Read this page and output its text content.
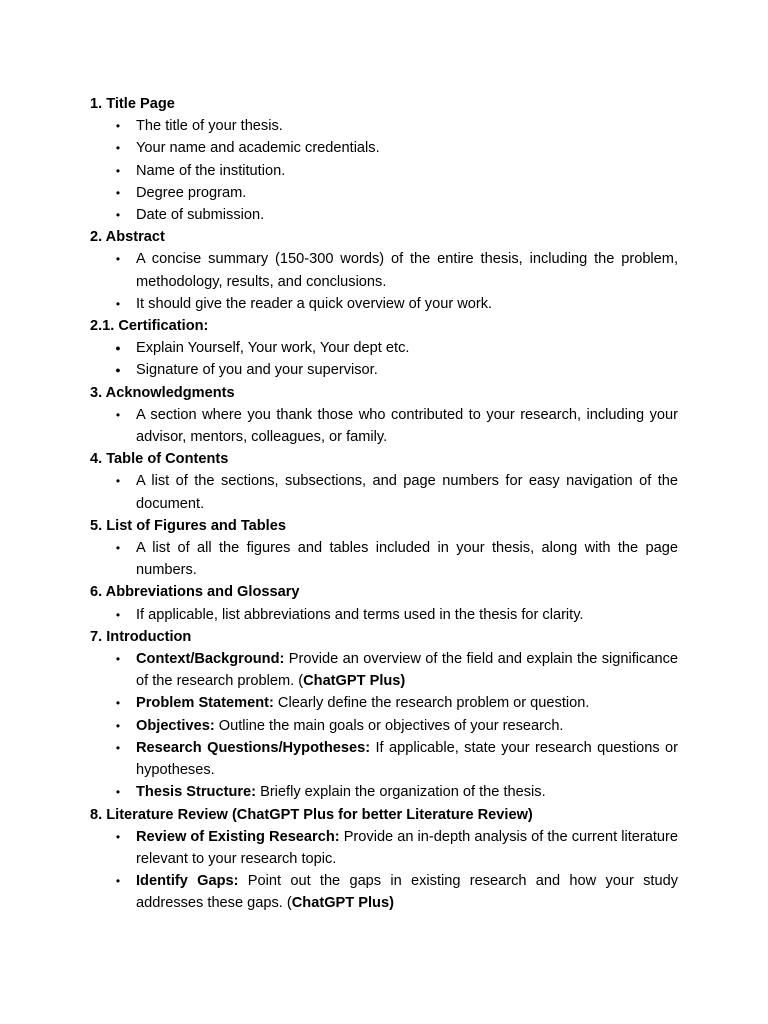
1. Title Page
•
The title of your thesis.
•
Your name and academic credentials.
•
Name of the institution.
•
Degree program.
•
Date of submission.
2. Abstract
•
A concise summary (150-300 words) of the entire thesis, including the problem, methodology, results, and conclusions.
•
It should give the reader a quick overview of your work.
2.1. Certification:
●
Explain Yourself, Your work, Your dept etc.
●
Signature of you and your supervisor.
3. Acknowledgments
•
A section where you thank those who contributed to your research, including your advisor, mentors, colleagues, or family.
4. Table of Contents
•
A list of the sections, subsections, and page numbers for easy navigation of the document.
5. List of Figures and Tables
•
A list of all the figures and tables included in your thesis, along with the page numbers.
6. Abbreviations and Glossary
•
If applicable, list abbreviations and terms used in the thesis for clarity.
7. Introduction
•
Context/Background: Provide an overview of the field and explain the significance of the research problem. (ChatGPT Plus)
•
Problem Statement: Clearly define the research problem or question.
•
Objectives: Outline the main goals or objectives of your research.
•
Research Questions/Hypotheses: If applicable, state your research questions or hypotheses.
•
Thesis Structure: Briefly explain the organization of the thesis.
8. Literature Review (ChatGPT Plus for better Literature Review)
•
Review of Existing Research: Provide an in-depth analysis of the current literature relevant to your research topic.
•
Identify Gaps: Point out the gaps in existing research and how your study addresses these gaps. (ChatGPT Plus)
